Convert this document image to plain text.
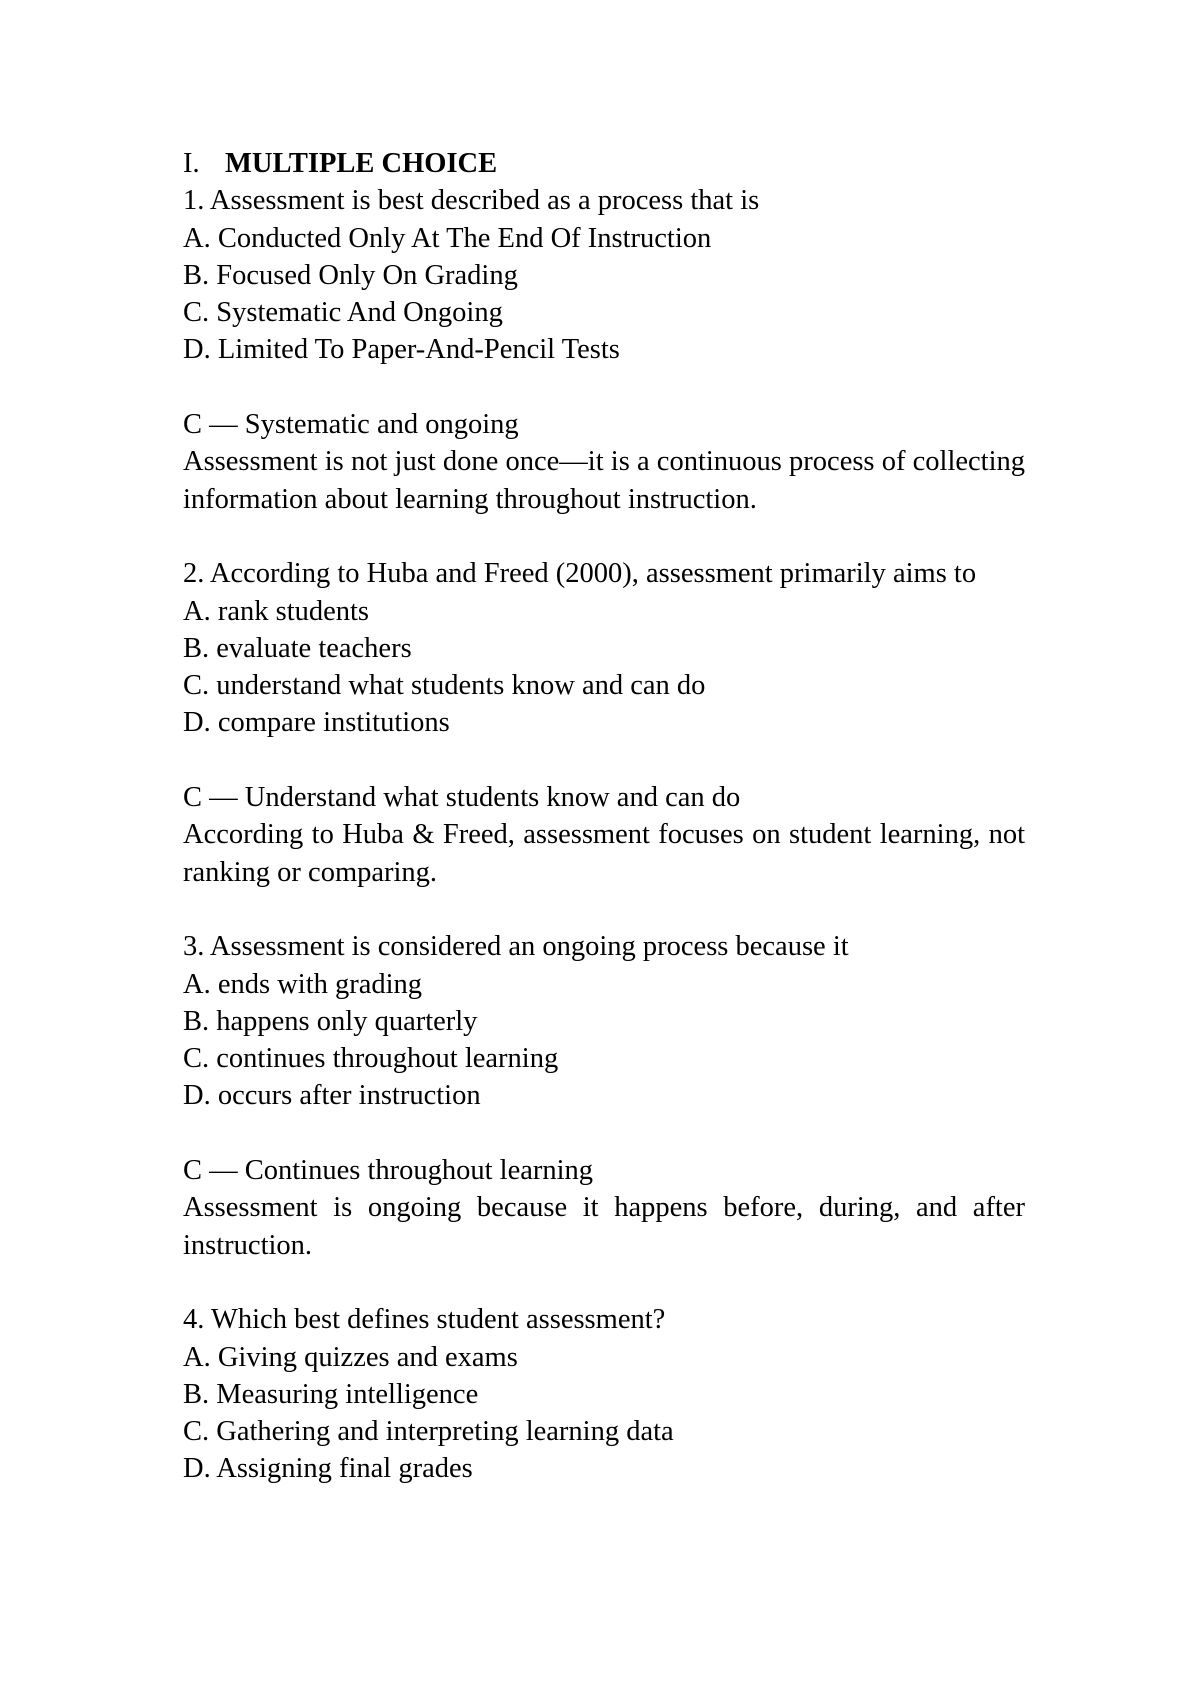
I. MULTIPLE CHOICE
1. Assessment is best described as a process that is
A. Conducted Only At The End Of Instruction
B. Focused Only On Grading
C. Systematic And Ongoing
D. Limited To Paper-And-Pencil Tests
C — Systematic and ongoing
Assessment is not just done once—it is a continuous process of collecting information about learning throughout instruction.
2. According to Huba and Freed (2000), assessment primarily aims to
A. rank students
B. evaluate teachers
C. understand what students know and can do
D. compare institutions
C — Understand what students know and can do
According to Huba & Freed, assessment focuses on student learning, not ranking or comparing.
3. Assessment is considered an ongoing process because it
A. ends with grading
B. happens only quarterly
C. continues throughout learning
D. occurs after instruction
C — Continues throughout learning
Assessment is ongoing because it happens before, during, and after instruction.
4. Which best defines student assessment?
A. Giving quizzes and exams
B. Measuring intelligence
C. Gathering and interpreting learning data
D. Assigning final grades
